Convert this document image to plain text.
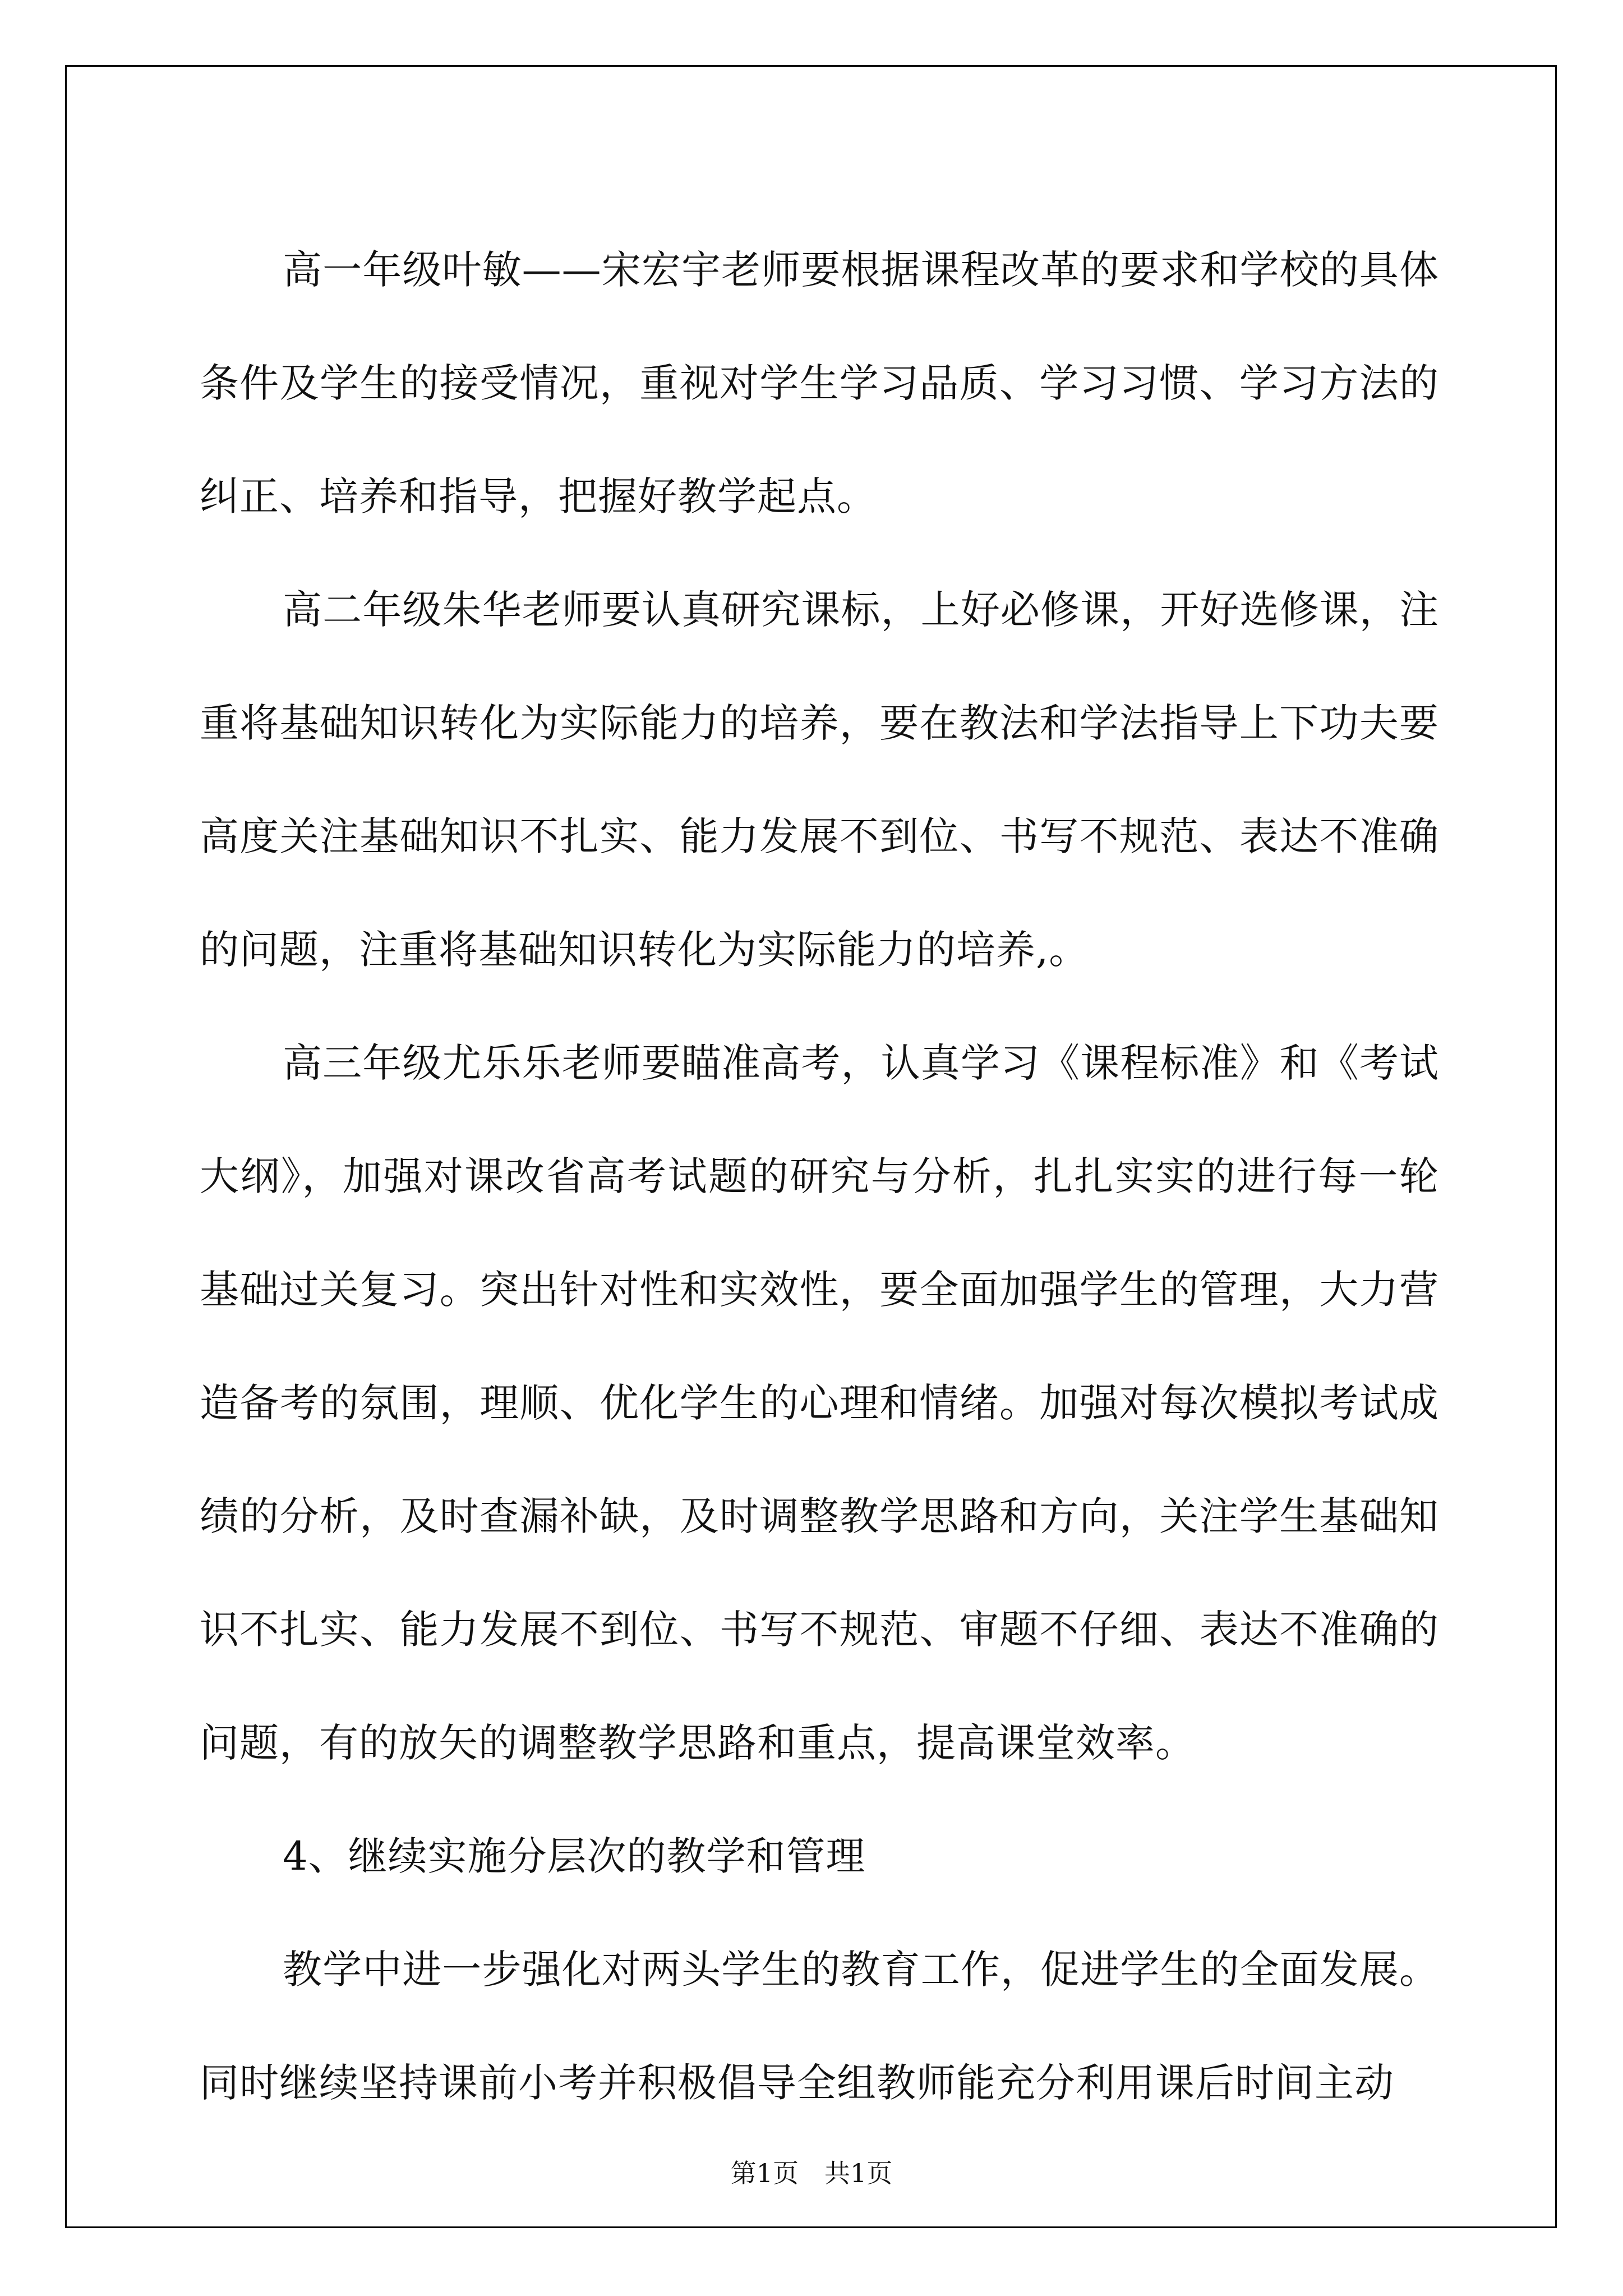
高一年级叶敏——宋宏宇老师要根据课程改革的要求和学校的具体条件及学生的接受情况，重视对学生学习品质、学习习惯、学习方法的纠正、培养和指导，把握好教学起点。

高二年级朱华老师要认真研究课标，上好必修课，开好选修课，注重将基础知识转化为实际能力的培养，要在教法和学法指导上下功夫要高度关注基础知识不扎实、能力发展不到位、书写不规范、表达不准确的问题，注重将基础知识转化为实际能力的培养,。

高三年级尤乐乐老师要瞄准高考，认真学习《课程标准》和《考试大纲》，加强对课改省高考试题的研究与分析，扎扎实实的进行每一轮基础过关复习。突出针对性和实效性，要全面加强学生的管理，大力营造备考的氛围，理顺、优化学生的心理和情绪。加强对每次模拟考试成绩的分析，及时查漏补缺，及时调整教学思路和方向，关注学生基础知识不扎实、能力发展不到位、书写不规范、审题不仔细、表达不准确的问题，有的放矢的调整教学思路和重点，提高课堂效率。

4、继续实施分层次的教学和管理

教学中进一步强化对两头学生的教育工作，促进学生的全面发展。同时继续坚持课前小考并积极倡导全组教师能充分利用课后时间主动

第1页 共1页
